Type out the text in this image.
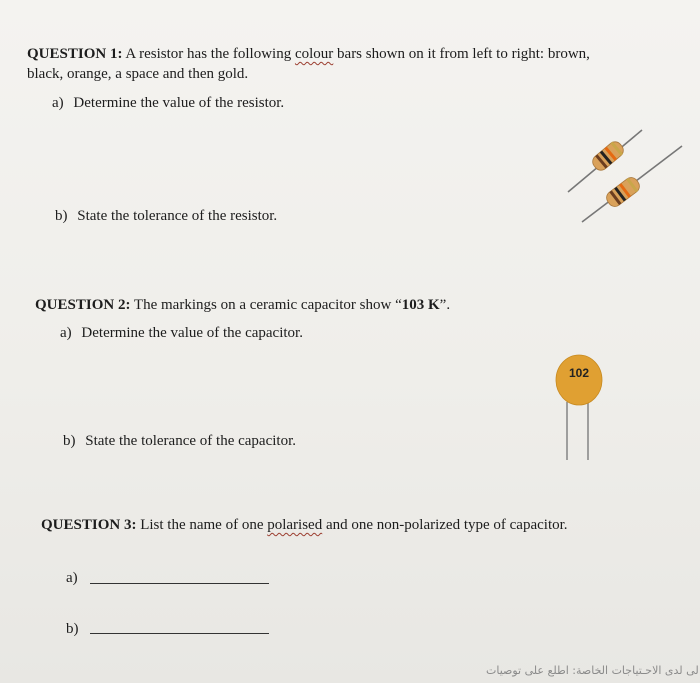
QUESTION 1: A resistor has the following colour bars shown on it from left to right: brown,
black, orange, a space and then gold.
a) Determine the value of the resistor.
b) State the tolerance of the resistor.
QUESTION 2: The markings on a ceramic capacitor show “103 K”.
a) Determine the value of the capacitor.
102
b) State the tolerance of the capacitor.
QUESTION 3: List the name of one polarised and one non-polarized type of capacitor.
a)
b)
لى لدى الاحـتياجات الخاصة: اطلع على توصيات
